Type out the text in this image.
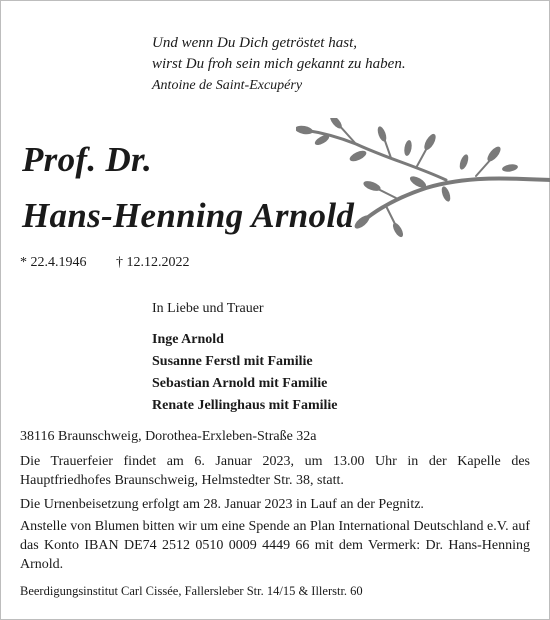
Und wenn Du Dich getröstet hast,
wirst Du froh sein mich gekannt zu haben.
Antoine de Saint-Excupéry
Prof. Dr.
Hans-Henning Arnold
* 22.4.1946 † 12.12.2022
In Liebe und Trauer
Inge Arnold
Susanne Ferstl mit Familie
Sebastian Arnold mit Familie
Renate Jellinghaus mit Familie
38116 Braunschweig, Dorothea-Erxleben-Straße 32a
Die Trauerfeier findet am 6. Januar 2023, um 13.00 Uhr in der Kapelle des Hauptfriedhofes Braunschweig, Helmstedter Str. 38, statt.
Die Urnenbeisetzung erfolgt am 28. Januar 2023 in Lauf an der Pegnitz.
Anstelle von Blumen bitten wir um eine Spende an Plan International Deutschland e.V. auf das Konto IBAN DE74 2512 0510 0009 4449 66 mit dem Vermerk: Dr. Hans-Henning Arnold.
Beerdigungsinstitut Carl Cissée, Fallersleber Str. 14/15 & Illerstr. 60
